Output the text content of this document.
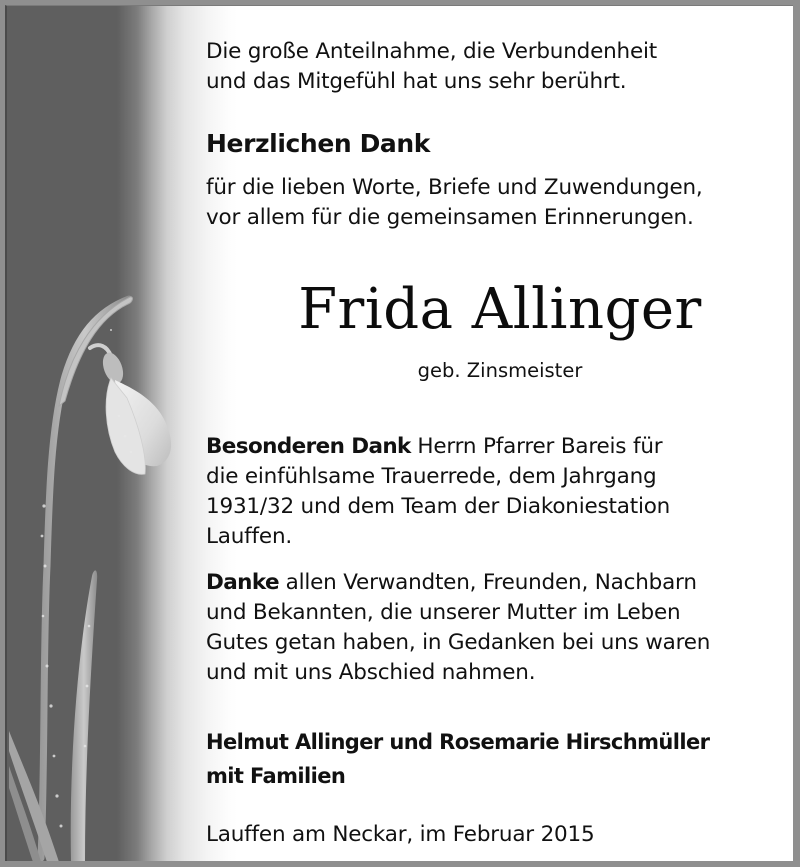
Die große Anteilnahme, die Verbundenheit
und das Mitgefühl hat uns sehr berührt.

Herzlichen Dank

für die lieben Worte, Briefe und Zuwendungen,
vor allem für die gemeinsamen Erinnerungen.

Frida Allinger
geb. Zinsmeister

Besonderen Dank Herrn Pfarrer Bareis für
die einfühlsame Trauerrede, dem Jahrgang
1931/32 und dem Team der Diakoniestation
Lauffen.

Danke allen Verwandten, Freunden, Nachbarn
und Bekannten, die unserer Mutter im Leben
Gutes getan haben, in Gedanken bei uns waren
und mit uns Abschied nahmen.

Helmut Allinger und Rosemarie Hirschmüller
mit Familien

Lauffen am Neckar, im Februar 2015
